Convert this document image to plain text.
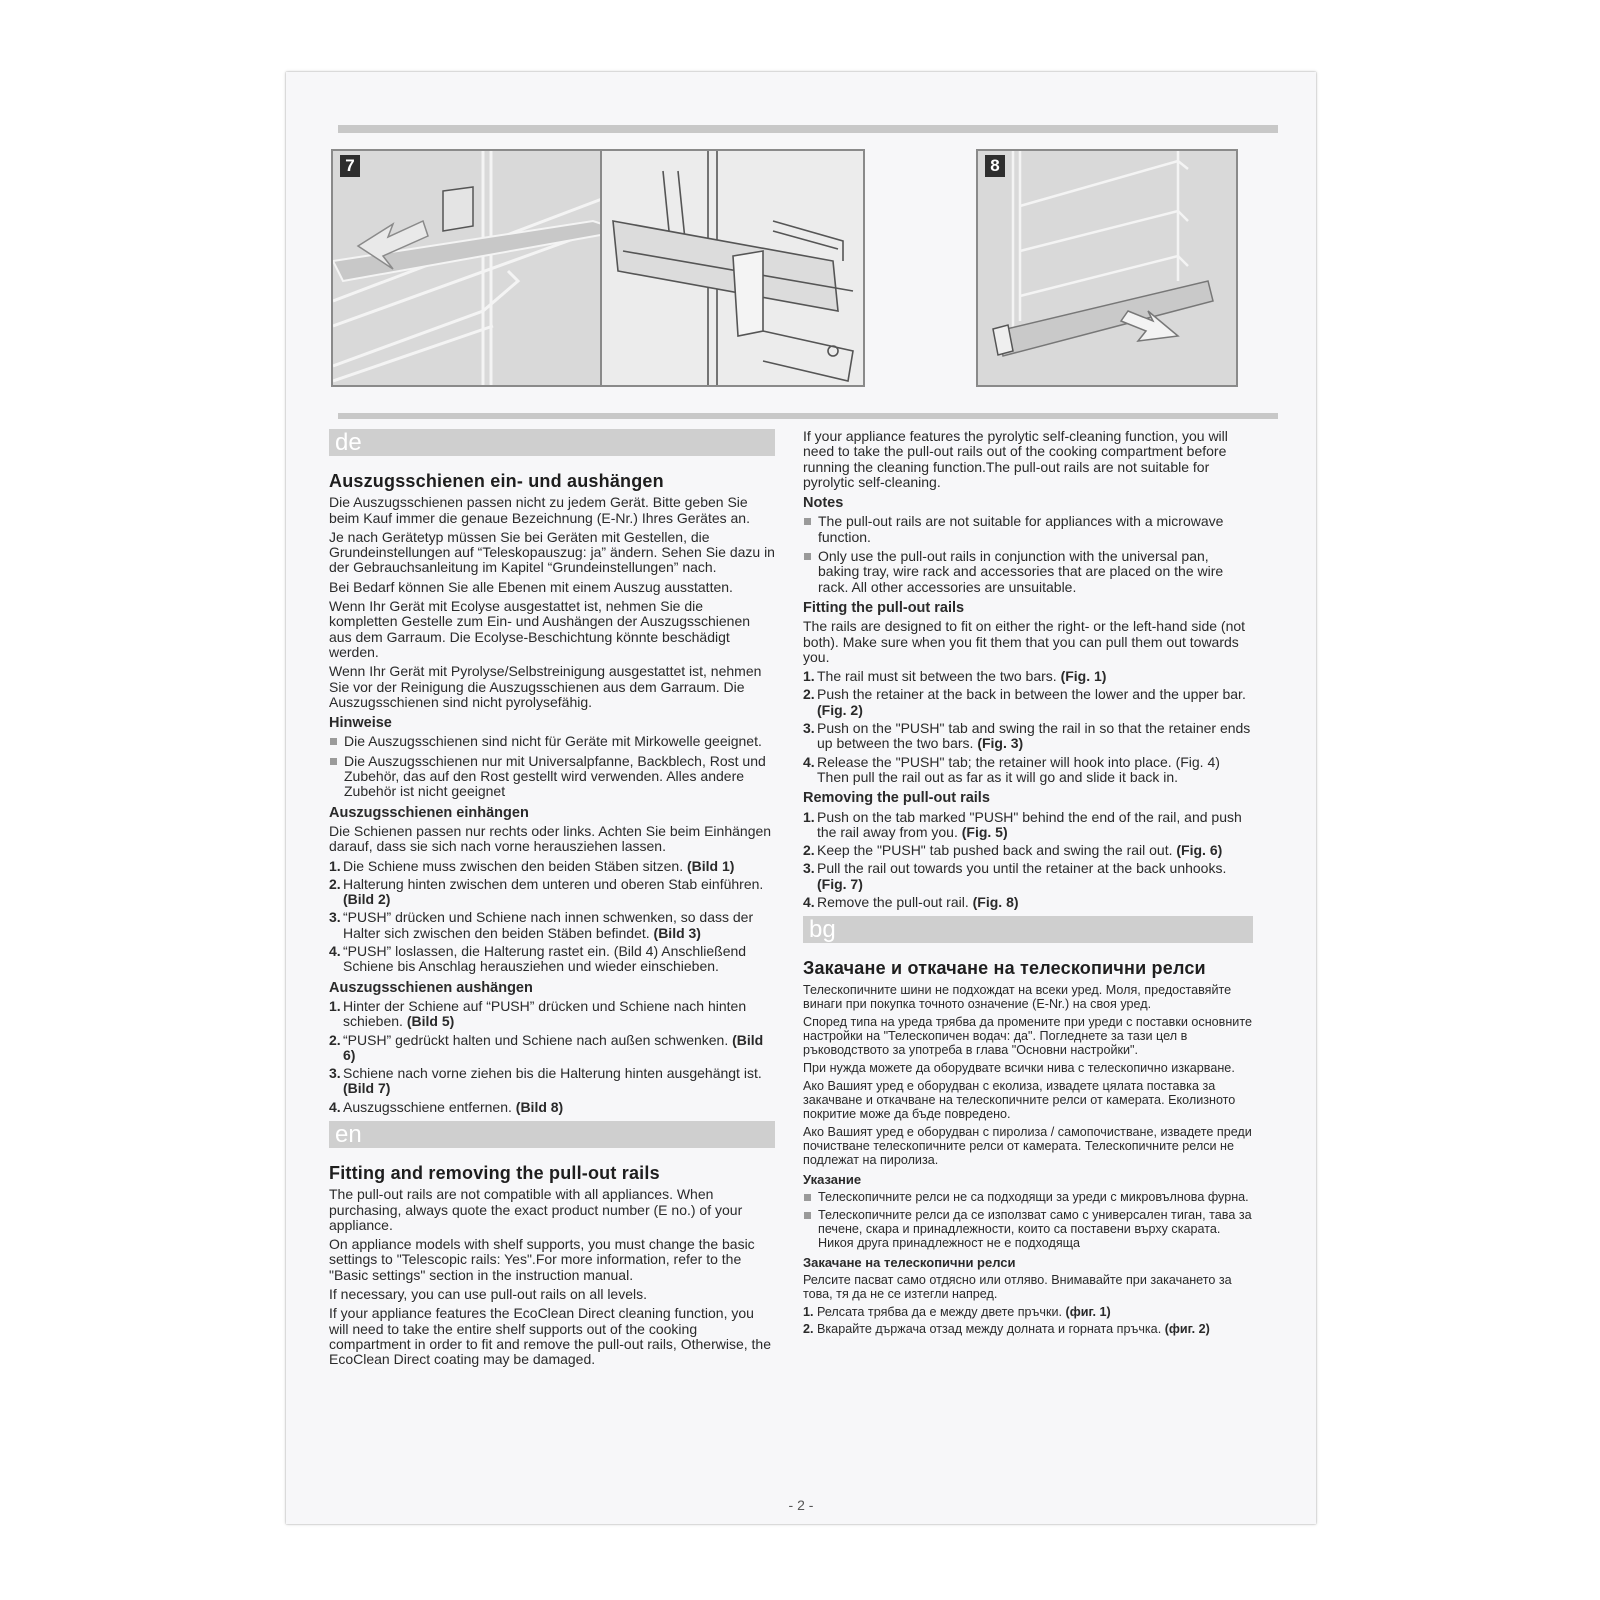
7	8
de
Auszugsschienen ein- und aushängen

Die Auszugsschienen passen nicht zu jedem Gerät. Bitte geben Sie beim Kauf immer die genaue Bezeichnung (E-Nr.) Ihres Gerätes an.

Je nach Gerätetyp müssen Sie bei Geräten mit Gestellen, die Grundeinstellungen auf “Teleskopauszug: ja” ändern. Sehen Sie dazu in der Gebrauchsanleitung im Kapitel “Grundeinstellungen” nach.

Bei Bedarf können Sie alle Ebenen mit einem Auszug ausstatten.

Wenn Ihr Gerät mit Ecolyse ausgestattet ist, nehmen Sie die kompletten Gestelle zum Ein- und Aushängen der Auszugsschienen aus dem Garraum. Die Ecolyse-Beschichtung könnte beschädigt werden.

Wenn Ihr Gerät mit Pyrolyse/Selbstreinigung ausgestattet ist, nehmen Sie vor der Reinigung die Auszugsschienen aus dem Garraum. Die Auszugsschienen sind nicht pyrolysefähig.

Hinweise
Die Auszugsschienen sind nicht für Geräte mit Mirkowelle geeignet.
Die Auszugsschienen nur mit Universalpfanne, Backblech, Rost und Zubehör, das auf den Rost gestellt wird verwenden. Alles andere Zubehör ist nicht geeignet
Auszugsschienen einhängen

Die Schienen passen nur rechts oder links. Achten Sie beim Einhängen darauf, dass sie sich nach vorne herausziehen lassen.

1. Die Schiene muss zwischen den beiden Stäben sitzen. (Bild 1)
2. Halterung hinten zwischen dem unteren und oberen Stab einführen. (Bild 2)
3. “PUSH” drücken und Schiene nach innen schwenken, so dass der Halter sich zwischen den beiden Stäben befindet. (Bild 3)
4. “PUSH” loslassen, die Halterung rastet ein. (Bild 4) Anschließend Schiene bis Anschlag herausziehen und wieder einschieben.
Auszugsschienen aushängen
1. Hinter der Schiene auf “PUSH” drücken und Schiene nach hinten schieben. (Bild 5)
2. “PUSH” gedrückt halten und Schiene nach außen schwenken. (Bild 6)
3. Schiene nach vorne ziehen bis die Halterung hinten ausgehängt ist. (Bild 7)
4. Auszugsschiene entfernen. (Bild 8)
en
Fitting and removing the pull-out rails

The pull-out rails are not compatible with all appliances. When purchasing, always quote the exact product number (E no.) of your appliance.

On appliance models with shelf supports, you must change the basic settings to "Telescopic rails: Yes".For more information, refer to the "Basic settings" section in the instruction manual.

If necessary, you can use pull-out rails on all levels.

If your appliance features the EcoClean Direct cleaning function, you will need to take the entire shelf supports out of the cooking compartment in order to fit and remove the pull-out rails, Otherwise, the EcoClean Direct coating may be damaged.

If your appliance features the pyrolytic self-cleaning function, you will need to take the pull-out rails out of the cooking compartment before running the cleaning function.The pull-out rails are not suitable for pyrolytic self-cleaning.

Notes
The pull-out rails are not suitable for appliances with a microwave function.
Only use the pull-out rails in conjunction with the universal pan, baking tray, wire rack and accessories that are placed on the wire rack. All other accessories are unsuitable.
Fitting the pull-out rails

The rails are designed to fit on either the right- or the left-hand side (not both). Make sure when you fit them that you can pull them out towards you.

1. The rail must sit between the two bars. (Fig. 1)
2. Push the retainer at the back in between the lower and the upper bar. (Fig. 2)
3. Push on the "PUSH" tab and swing the rail in so that the retainer ends up between the two bars. (Fig. 3)
4. Release the "PUSH" tab; the retainer will hook into place. (Fig. 4) Then pull the rail out as far as it will go and slide it back in.
Removing the pull-out rails
1. Push on the tab marked "PUSH" behind the end of the rail, and push the rail away from you. (Fig. 5)
2. Keep the "PUSH" tab pushed back and swing the rail out. (Fig. 6)
3. Pull the rail out towards you until the retainer at the back unhooks. (Fig. 7)
4. Remove the pull-out rail. (Fig. 8)
bg
Закачане и откачане на телескопични релси

Телескопичните шини не подхождат на всеки уред. Моля, предоставяйте винаги при покупка точното означение (E-Nr.) на своя уред.

Според типа на уреда трябва да промените при уреди с поставки основните настройки на "Телескопичен водач: да". Погледнете за тази цел в ръководството за употреба в глава "Основни настройки".

При нужда можете да оборудвате всички нива с телескопично изкарване.

Ако Вашият уред е оборудван с еколиза, извадете цялата поставка за закачване и откачване на телескопичните релси от камерата. Еколизното покритие може да бъде повредено.

Ако Вашият уред е оборудван с пиролиза / самопочистване, извадете преди почистване телескопичните релси от камерата. Телескопичните релси не подлежат на пиролиза.

Указание
Телескопичните релси не са подходящи за уреди с микровълнова фурна.
Телескопичните релси да се използват само с универсален тиган, тава за печене, скара и принадлежности, които са поставени върху скарата. Никоя друга принадлежност не е подходяща
Закачане на телескопични релси

Релсите пасват само отдясно или отляво. Внимавайте при закачането за това, тя да не се изтегли напред.

1. Релсата трябва да е между двете пръчки. (фиг. 1)
2. Вкарайте държача отзад между долната и горната пръчка. (фиг. 2)
- 2 -
